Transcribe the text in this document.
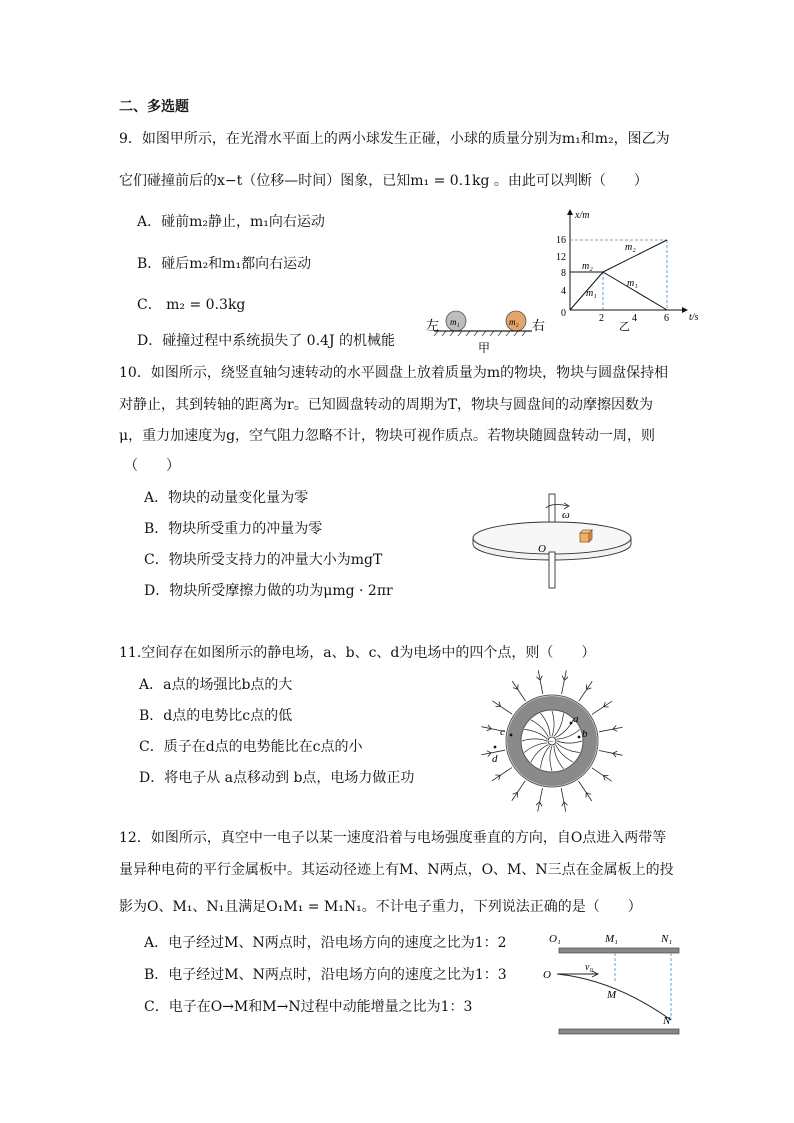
二、多选题
9．如图甲所示，在光滑水平面上的两小球发生正碰，小球的质量分别为m₁和m₂，图乙为
它们碰撞前后的x−t（位移—时间）图象，已知m₁ = 0.1kg 。由此可以判断（　　）
A．碰前m₂静止，m₁向右运动
B．碰后m₂和m₁都向右运动
C． m₂ = 0.3kg
D．碰撞过程中系统损失了 0.4J 的机械能
左 m₁	m₂ 右
甲
x/m
t/s
0
4
8
12
16
2	4	6
m₂
m₂
m₁
m₁
乙
10．如图所示，绕竖直轴匀速转动的水平圆盘上放着质量为m的物块，物块与圆盘保持相
对静止，其到转轴的距离为r。已知圆盘转动的周期为T，物块与圆盘间的动摩擦因数为
μ，重力加速度为g，空气阻力忽略不计，物块可视作质点。若物块随圆盘转动一周，则
（　　）
A．物块的动量变化量为零
B．物块所受重力的冲量为零
C．物块所受支持力的冲量大小为mgT
D．物块所受摩擦力做的功为μmg · 2πr
ω
O
11.空间存在如图所示的静电场，a、b、c、d为电场中的四个点，则（　　）
A．a点的场强比b点的大
B．d点的电势比c点的低
C．质子在d点的电势能比在c点的小
D．将电子从 a点移动到 b点，电场力做正功
−
a
b
c
d
12．如图所示，真空中一电子以某一速度沿着与电场强度垂直的方向，自O点进入两带等
量异种电荷的平行金属板中。其运动径迹上有M、N两点，O、M、N三点在金属板上的投
影为O、M₁、N₁且满足O₁M₁ = M₁N₁。不计电子重力，下列说法正确的是（　　）
A．电子经过M、N两点时，沿电场方向的速度之比为1：2
B．电子经过M、N两点时，沿电场方向的速度之比为1：3
C．电子在O→M和M→N过程中动能增量之比为1：3
O₁	M₁	N₁
O
v₀
M
N
